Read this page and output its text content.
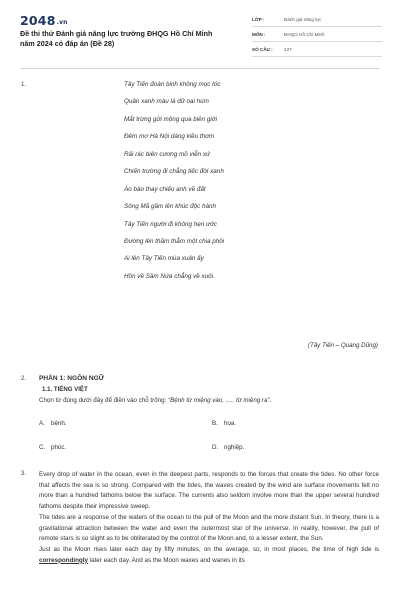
2048.vn
Đề thi thử Đánh giá năng lực trường ĐHQG Hồ Chí Minh năm 2024 có đáp án (Đề 28)
LỚP :	Đánh giá năng lực
MÔN :	ĐHQG Hồ Chí Minh
SỐ CÂU :	137
1.	Tây Tiến đoàn binh không mọc tóc
Quân xanh màu lá dữ oai hùm
Mắt trừng gửi mộng qua biên giới
Đêm mơ Hà Nội dáng kiều thơm
Rải rác biên cương mồ viễn xứ
Chiến trường đi chẳng tiếc đời xanh
Áo bào thay chiếu anh về đất
Sông Mã gầm lên khúc độc hành
Tây Tiến người đi không hẹn ước
Đường lên thăm thẳm một chia phôi
Ai lên Tây Tiến mùa xuân ấy
Hồn về Sầm Nứa chẳng về xuôi.
(Tây Tiến – Quang Dũng)
2. PHẦN 1: NGÔN NGỮ
1.1. TIẾNG VIỆT
Chọn từ đúng dưới đây để điền vào chỗ trống: "Bệnh từ miệng vào, ..... từ miệng ra".
A. bệnh.	B. họa.
C. phúc.	D. nghiệp.
3. Every drop of water in the ocean, even in the deepest parts, responds to the forces that create the tides. No other force that affects the sea is so strong. Compared with the tides, the waves created by the wind are surface movements felt no more than a hundred fathoms below the surface. The currents also seldom involve more than the upper several hundred fathoms despite their impressive sweep.

The tides are a response of the waters of the ocean to the pull of the Moon and the more distant Sun. In theory, there is a gravitational attraction between the water and even the outermost star of the universe. In reality, however, the pull of remote stars is so slight as to be obliterated by the control of the Moon and, to a lesser extent, the Sun.

Just as the Moon rises later each day by fifty minutes, on the average, so, in most places, the time of high tide is correspondingly later each day. And as the Moon waxes and wanes in its
